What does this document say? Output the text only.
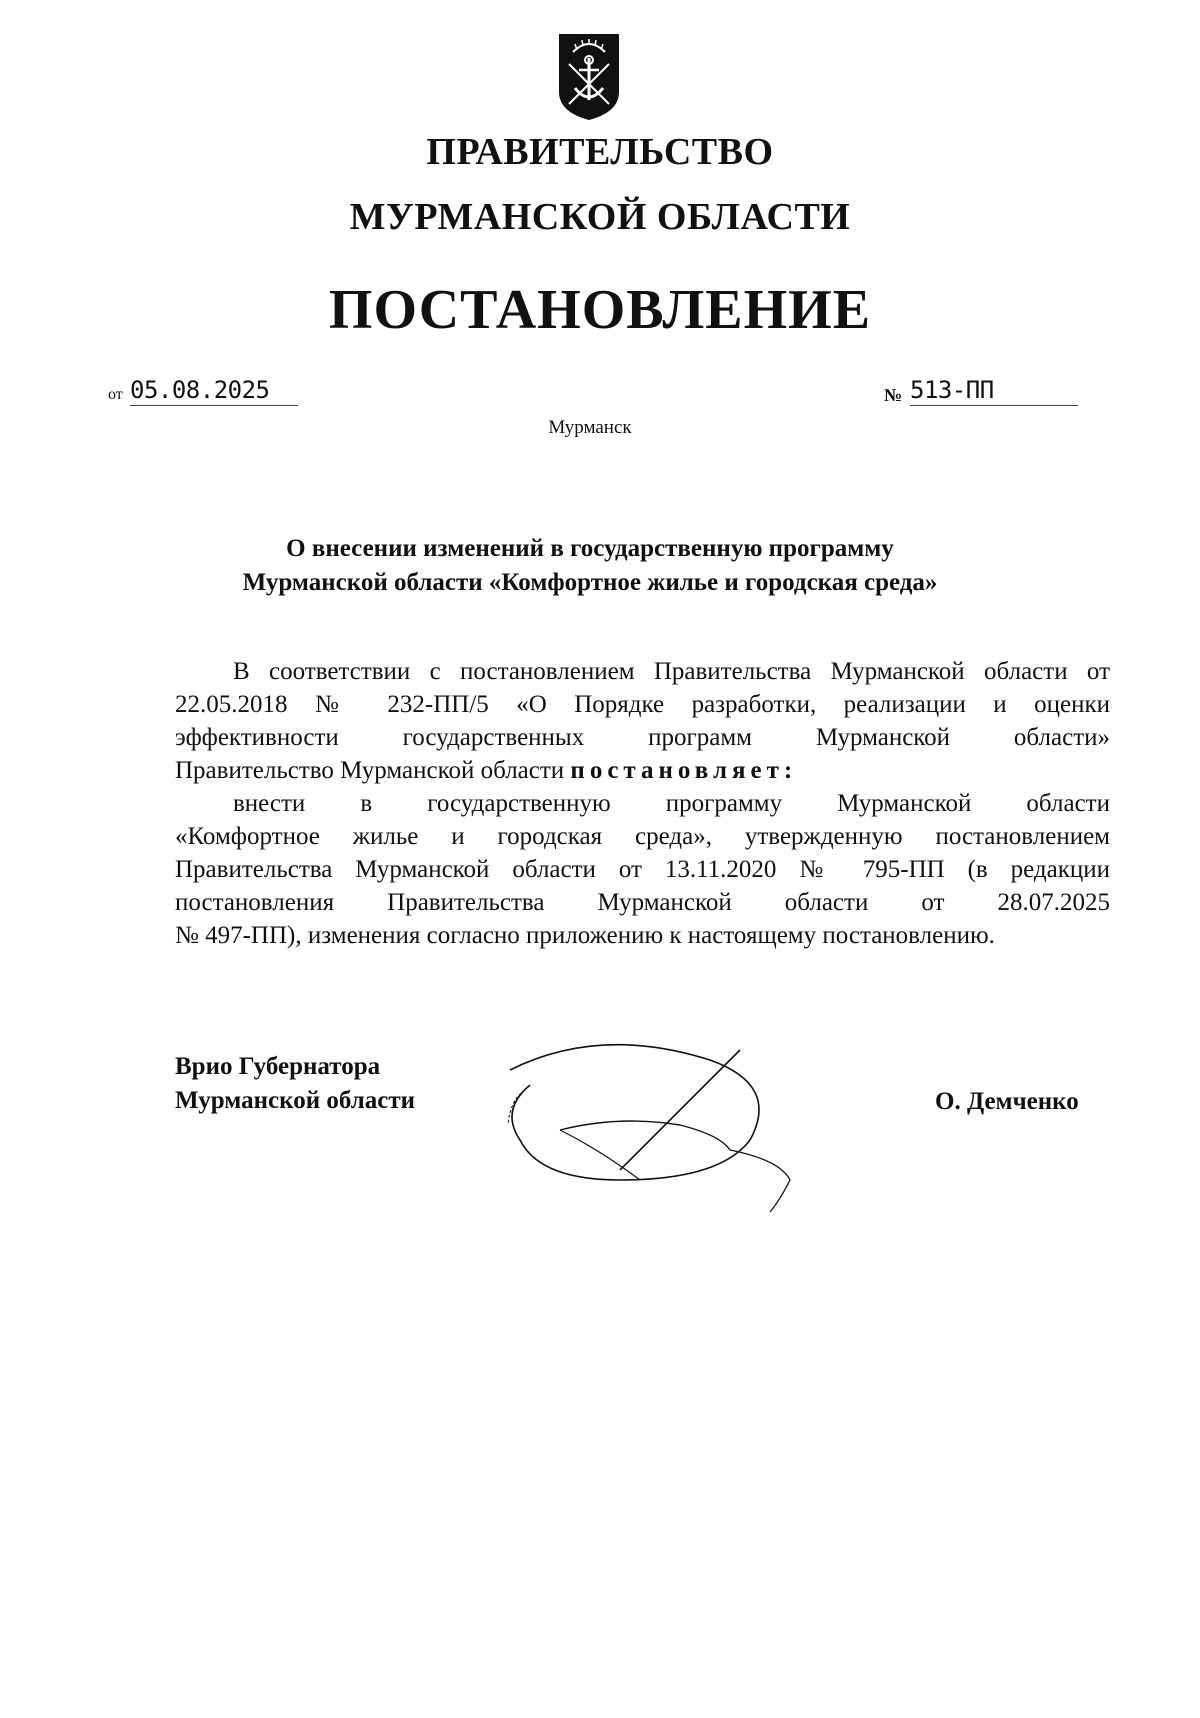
ПРАВИТЕЛЬСТВО
МУРМАНСКОЙ ОБЛАСТИ
ПОСТАНОВЛЕНИЕ
от 05.08.2025	№ 513-ПП
Мурманск
О внесении изменений в государственную программу
Мурманской области «Комфортное жилье и городская среда»
В соответствии с постановлением Правительства Мурманской области от
22.05.2018 № 232-ПП/5 «О Порядке разработки, реализации и оценки
эффективности государственных программ Мурманской области»
Правительство Мурманской области постановляет:
внести в государственную программу Мурманской области
«Комфортное жилье и городская среда», утвержденную постановлением
Правительства Мурманской области от 13.11.2020 № 795-ПП (в редакции
постановления Правительства Мурманской области от 28.07.2025
№ 497-ПП), изменения согласно приложению к настоящему постановлению.
Врио Губернатора
Мурманской области	О. Демченко
